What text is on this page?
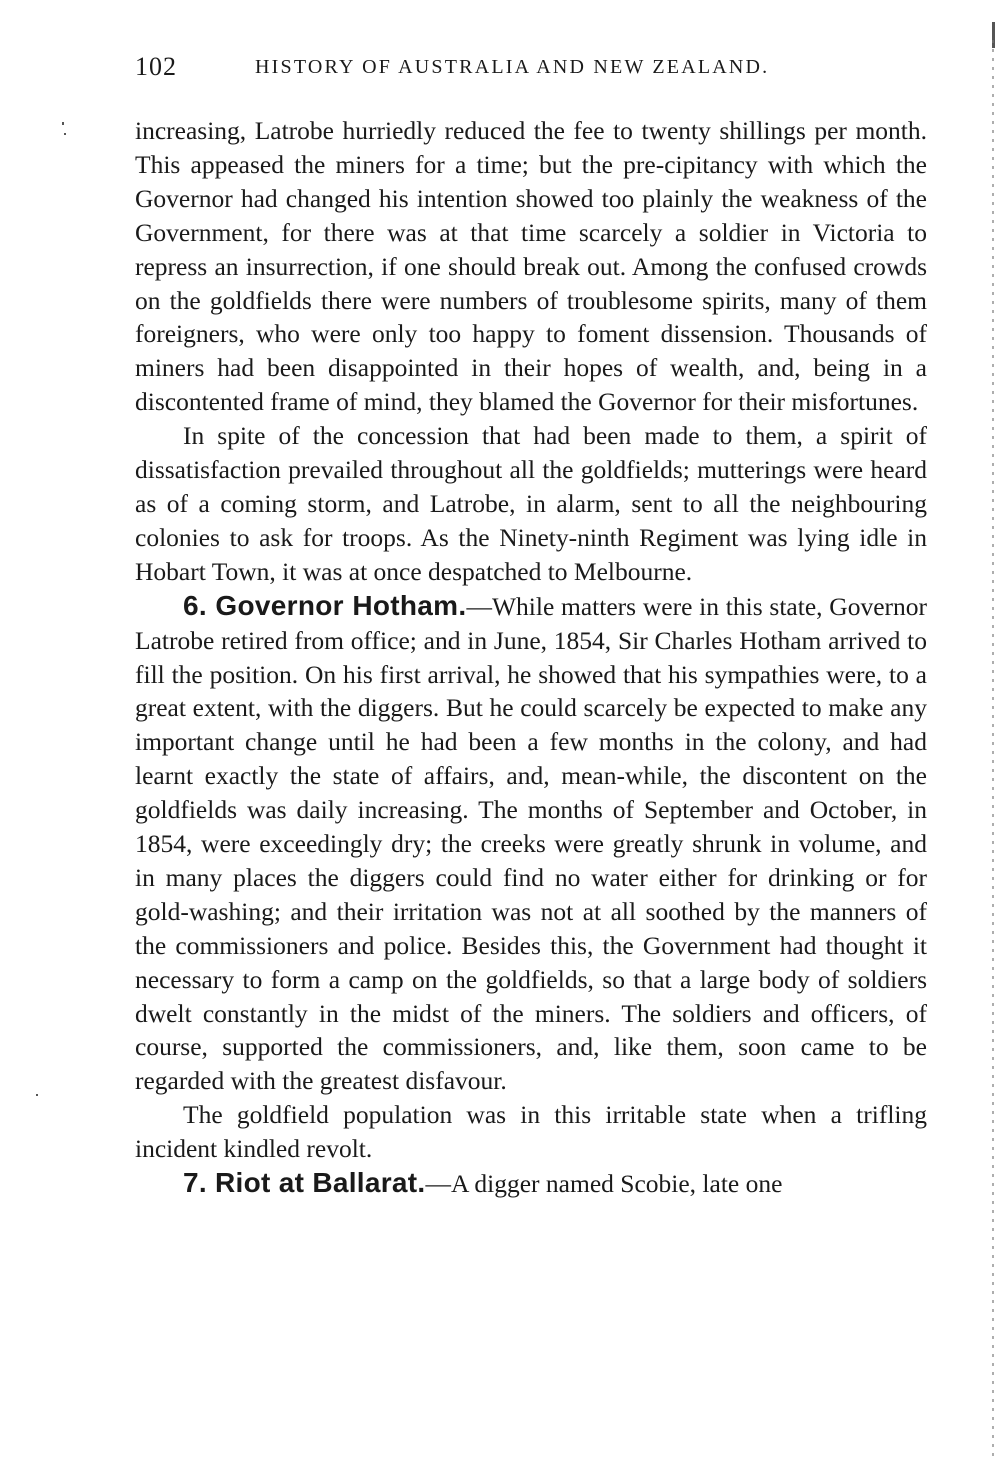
102	HISTORY OF AUSTRALIA AND NEW ZEALAND.

increasing, Latrobe hurriedly reduced the fee to twenty shillings per month. This appeased the miners for a time; but the pre-cipitancy with which the Governor had changed his intention showed too plainly the weakness of the Government, for there was at that time scarcely a soldier in Victoria to repress an insurrection, if one should break out. Among the confused crowds on the goldfields there were numbers of troublesome spirits, many of them foreigners, who were only too happy to foment dissension. Thousands of miners had been disappointed in their hopes of wealth, and, being in a discontented frame of mind, they blamed the Governor for their misfortunes.

In spite of the concession that had been made to them, a spirit of dissatisfaction prevailed throughout all the goldfields; mutterings were heard as of a coming storm, and Latrobe, in alarm, sent to all the neighbouring colonies to ask for troops. As the Ninety-ninth Regiment was lying idle in Hobart Town, it was at once despatched to Melbourne.

6. Governor Hotham.—While matters were in this state, Governor Latrobe retired from office; and in June, 1854, Sir Charles Hotham arrived to fill the position. On his first arrival, he showed that his sympathies were, to a great extent, with the diggers. But he could scarcely be expected to make any important change until he had been a few months in the colony, and had learnt exactly the state of affairs, and, mean-while, the discontent on the goldfields was daily increasing. The months of September and October, in 1854, were exceedingly dry; the creeks were greatly shrunk in volume, and in many places the diggers could find no water either for drinking or for gold-washing; and their irritation was not at all soothed by the manners of the commissioners and police. Besides this, the Government had thought it necessary to form a camp on the goldfields, so that a large body of soldiers dwelt constantly in the midst of the miners. The soldiers and officers, of course, supported the commissioners, and, like them, soon came to be regarded with the greatest disfavour.

The goldfield population was in this irritable state when a trifling incident kindled revolt.

7. Riot at Ballarat.—A digger named Scobie, late one
